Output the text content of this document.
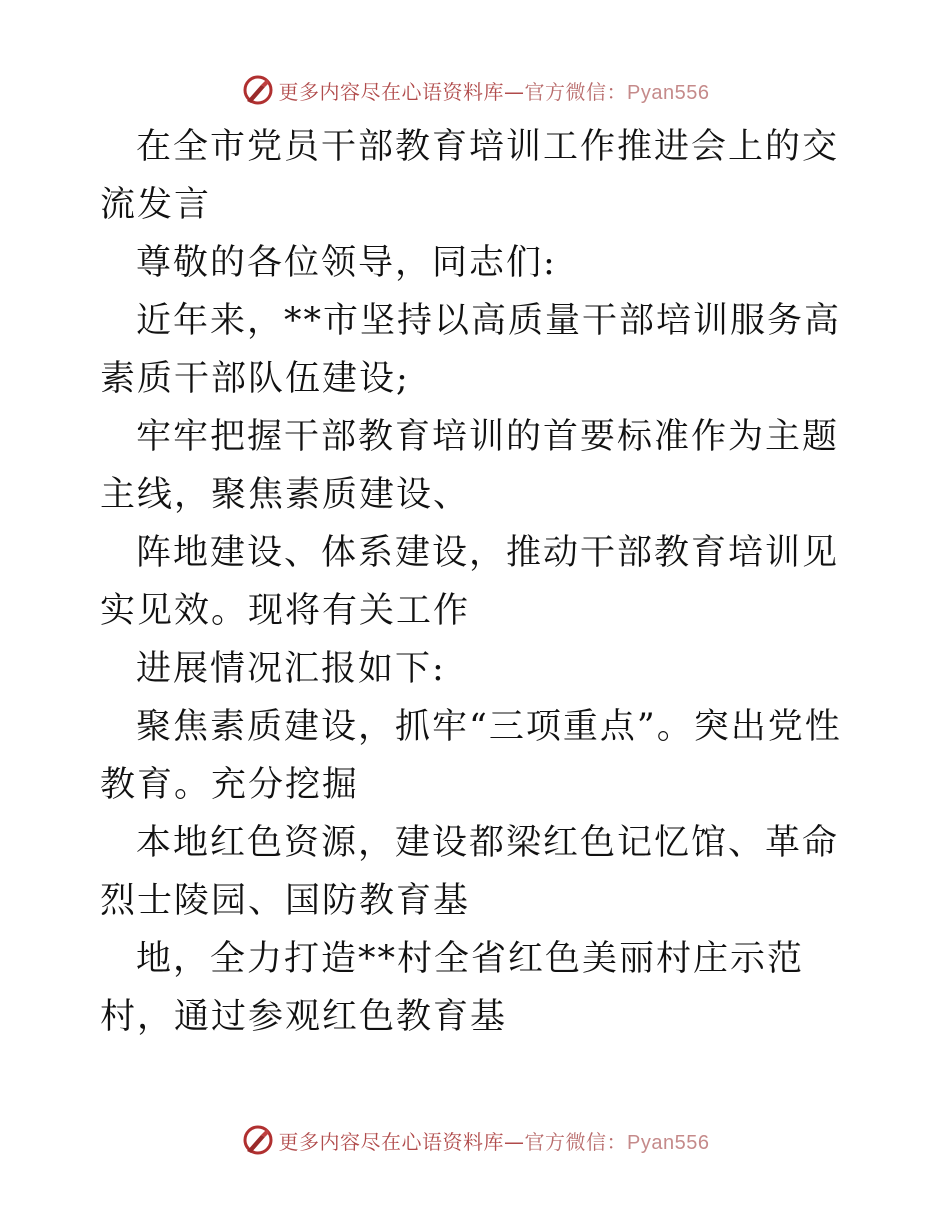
更多内容尽在心语资料库—官方微信：Pyan556

在全市党员干部教育培训工作推进会上的交流发言

尊敬的各位领导，同志们:

近年来，**市坚持以高质量干部培训服务高素质干部队伍建设;

牢牢把握干部教育培训的首要标准作为主题主线，聚焦素质建设、

阵地建设、体系建设，推动干部教育培训见实见效。现将有关工作

进展情况汇报如下:

聚焦素质建设，抓牢“三项重点”。突出党性教育。充分挖掘

本地红色资源，建设都梁红色记忆馆、革命烈士陵园、国防教育基

地，全力打造**村全省红色美丽村庄示范村，通过参观红色教育基

更多内容尽在心语资料库—官方微信：Pyan556
